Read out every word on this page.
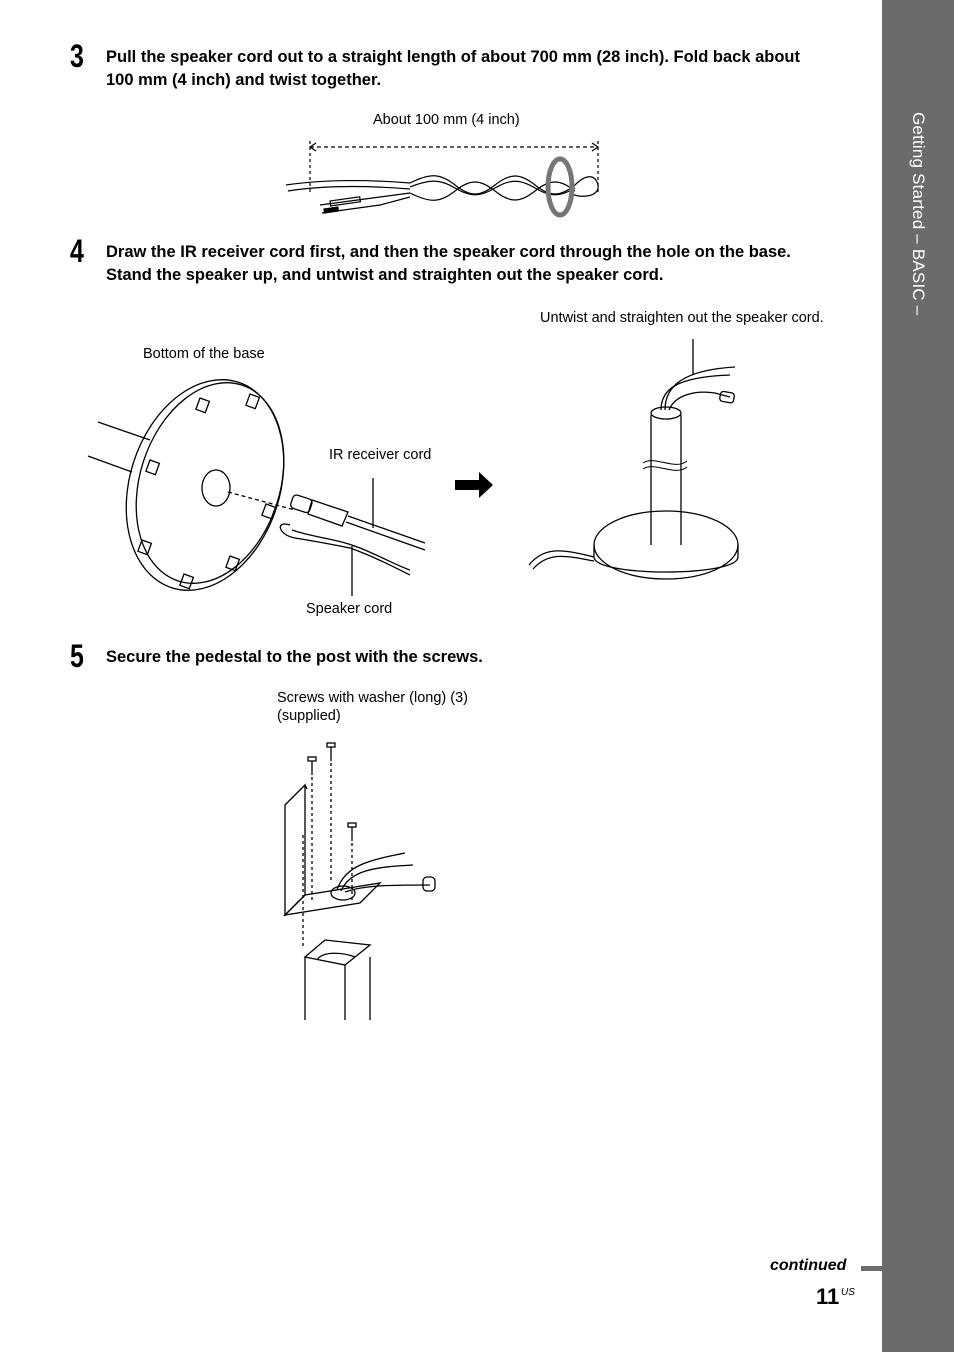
Getting Started – BASIC –
3 Pull the speaker cord out to a straight length of about 700 mm (28 inch). Fold back about
100 mm (4 inch) and twist together.
About 100 mm (4 inch)
4 Draw the IR receiver cord first, and then the speaker cord through the hole on the base.
Stand the speaker up, and untwist and straighten out the speaker cord.
Untwist and straighten out the speaker cord.
Bottom of the base
IR receiver cord
Speaker cord
5 Secure the pedestal to the post with the screws.
Screws with washer (long) (3)
(supplied)
continued
11 US
